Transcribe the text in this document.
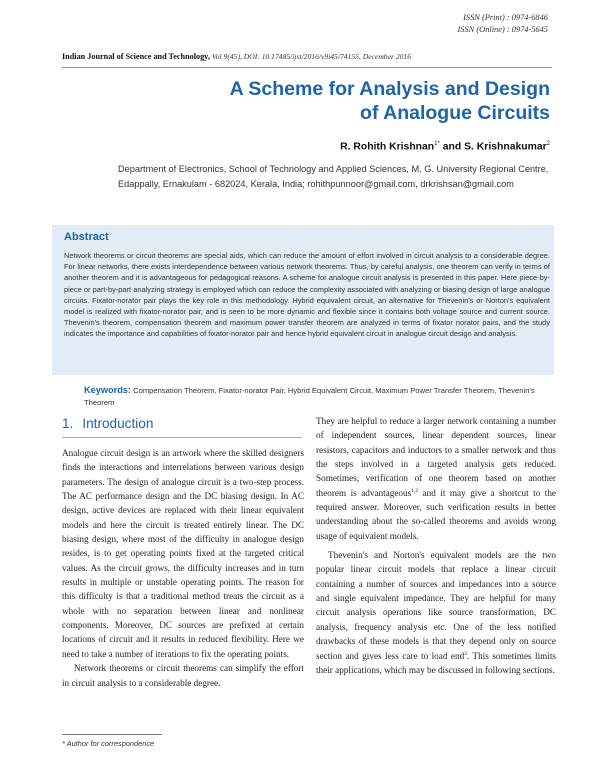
ISSN (Print) : 0974-6846
ISSN (Online) : 0974-5645
Indian Journal of Science and Technology, Vol 9(45), DOI: 10.17485/ijst/2016/v9i45/74155, December 2016
A Scheme for Analysis and Design
of Analogue Circuits
R. Rohith Krishnan$^{1*}$ and S. Krishnakumar$^2$
Department of Electronics, School of Technology and Applied Sciences, M. G. University Regional Centre,
Edappally, Ernakulam - 682024, Kerala, India; rohithpunnoor@gmail.com, drkrishsan@gmail.com
Abstract
Network theorems or circuit theorems are special aids, which can reduce the amount of effort involved in circuit analysis to a considerable degree. For linear networks, there exists interdependence between various network theorems. Thus, by careful analysis, one theorem can verify in terms of another theorem and it is advantageous for pedagogical reasons. A scheme for analogue circuit analysis is presented in this paper. Here piece-by-piece or part-by-part analyzing strategy is employed which can reduce the complexity associated with analyzing or biasing design of large analogue circuits. Fixator-norator pair plays the key role in this methodology. Hybrid equivalent circuit, an alternative for Thevenin's or Norton's equivalent model is realized with fixator-norator pair, and is seen to be more dynamic and flexible since it contains both voltage source and current source. Thevenin's theorem, compensation theorem and maximum power transfer theorem are analyzed in terms of fixator norator pairs, and the study indicates the importance and capabilities of fixator-norator pair and hence hybrid equivalent circuit in analogue circuit design and analysis.
Keywords: Compensation Theorem, Fixator-norator Pair, Hybrid Equivalent Circuit, Maximum Power Transfer Theorem, Thevenin's Theorem
1. Introduction

Analogue circuit design is an artwork where the skilled designers finds the interactions and interrelations between various design parameters. The design of analogue circuit is a two-step process. The AC performance design and the DC biasing design. In AC design, active devices are replaced with their linear equivalent models and here the circuit is treated entirely linear. The DC biasing design, where most of the difficulty in analogue design resides, is to get operating points fixed at the targeted critical values. As the circuit grows, the difficulty increases and in turn results in multiple or unstable operating points. The reason for this difficulty is that a traditional method treats the circuit as a whole with no separation between linear and nonlinear components. Moreover, DC sources are prefixed at certain locations of circuit and it results in reduced flexibility. Here we need to take a number of iterations to fix the operating points.

Network theorems or circuit theorems can simplify the effort in circuit analysis to a considerable degree.

They are helpful to reduce a larger network containing a number of independent sources, linear dependent sources, linear resistors, capacitors and inductors to a smaller network and thus the steps involved in a targeted analysis gets reduced. Sometimes, verification of one theorem based on another theorem is advantageous$^{1,2}$ and it may give a shortcut to the required answer. Moreover, such verification results in better understanding about the so-called theorems and avoids wrong usage of equivalent models.

Thevenin's and Norton's equivalent models are the two popular linear circuit models that replace a linear circuit containing a number of sources and impedances into a source and single equivalent impedance. They are helpful for many circuit analysis operations like source transformation, DC analysis, frequency analysis etc. One of the less notified drawbacks of these models is that they depend only on source section and gives less care to load end$^3$. This sometimes limits their applications, which may be discussed in following sections.

* Author for correspondence
